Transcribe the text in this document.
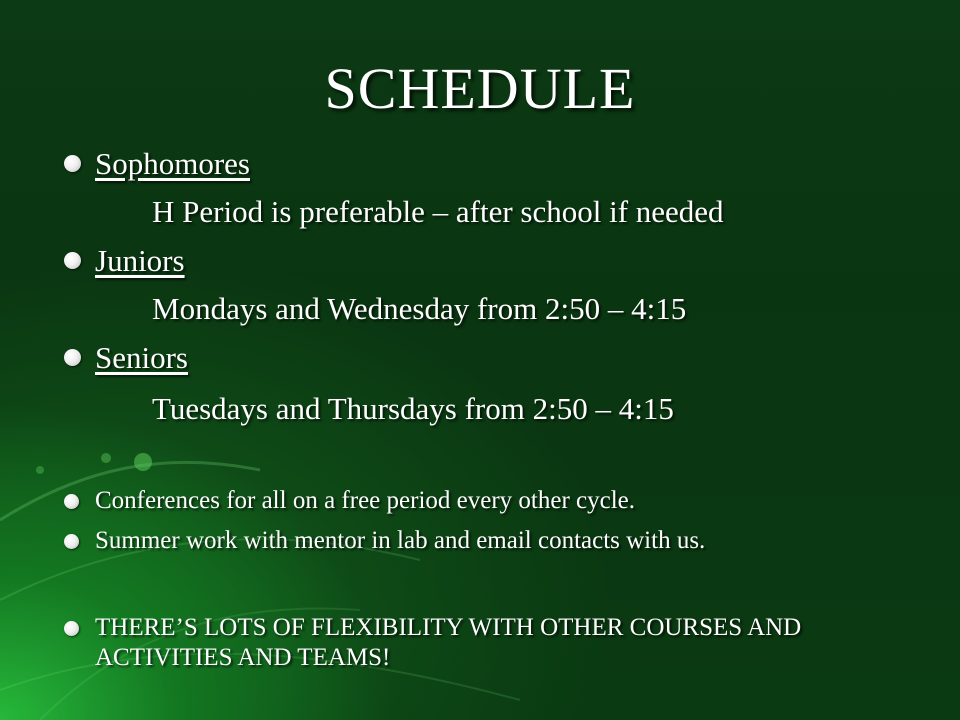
SCHEDULE
Sophomores
H Period is preferable – after school if needed
Juniors
Mondays and Wednesday from 2:50 – 4:15
Seniors
Tuesdays and Thursdays from 2:50 – 4:15
Conferences for all on a free period every other cycle.
Summer work with mentor in lab and email contacts with us.
THERE’S LOTS OF FLEXIBILITY WITH OTHER COURSES AND ACTIVITIES AND TEAMS!
